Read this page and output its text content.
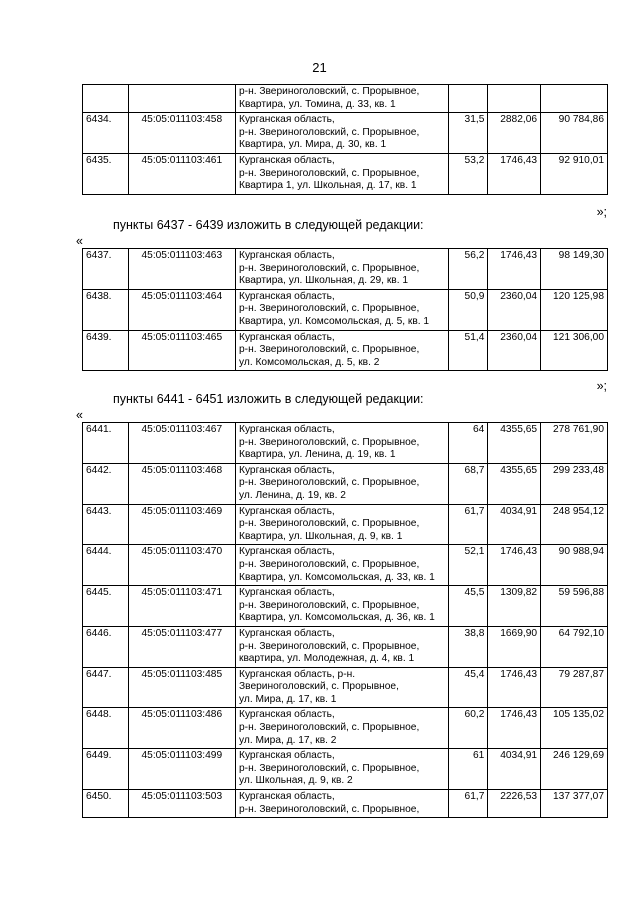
21

		р-н. Звериноголовский, с. Прорывное,
Квартира, ул. Томина, д. 33, кв. 1			

6434.	45:05:011103:458	Курганская область,
р-н. Звериноголовский, с. Прорывное,
Квартира, ул. Мира, д. 30, кв. 1	31,5	2882,06	90 784,86
6435.	45:05:011103:461	Курганская область,
р-н. Звериноголовский, с. Прорывное,
Квартира 1, ул. Школьная, д. 17, кв. 1	53,2	1746,43	92 910,01
»;
пункты 6437 - 6439 изложить в следующей редакции:
«
6437.	45:05:011103:463	Курганская область,
р-н. Звериноголовский, с. Прорывное,
Квартира, ул. Школьная, д. 29, кв. 1	56,2	1746,43	98 149,30
6438.	45:05:011103:464	Курганская область,
р-н. Звериноголовский, с. Прорывное,
Квартира, ул. Комсомольская, д. 5, кв. 1	50,9	2360,04	120 125,98
6439.	45:05:011103:465	Курганская область,
р-н. Звериноголовский, с. Прорывное,
ул. Комсомольская, д. 5, кв. 2	51,4	2360,04	121 306,00
»;
пункты 6441 - 6451 изложить в следующей редакции:
«
6441.	45:05:011103:467	Курганская область,
р-н. Звериноголовский, с. Прорывное,
Квартира, ул. Ленина, д. 19, кв. 1	64	4355,65	278 761,90
6442.	45:05:011103:468	Курганская область,
р-н. Звериноголовский, с. Прорывное,
ул. Ленина, д. 19, кв. 2	68,7	4355,65	299 233,48
6443.	45:05:011103:469	Курганская область,
р-н. Звериноголовский, с. Прорывное,
Квартира, ул. Школьная, д. 9, кв. 1	61,7	4034,91	248 954,12
6444.	45:05:011103:470	Курганская область,
р-н. Звериноголовский, с. Прорывное,
Квартира, ул. Комсомольская, д. 33, кв. 1	52,1	1746,43	90 988,94
6445.	45:05:011103:471	Курганская область,
р-н. Звериноголовский, с. Прорывное,
Квартира, ул. Комсомольская, д. 36, кв. 1	45,5	1309,82	59 596,88
6446.	45:05:011103:477	Курганская область,
р-н. Звериноголовский, с. Прорывное,
квартира, ул. Молодежная, д. 4, кв. 1	38,8	1669,90	64 792,10
6447.	45:05:011103:485	Курганская область, р-н.
Звериноголовский, с. Прорывное,
ул. Мира, д. 17, кв. 1	45,4	1746,43	79 287,87
6448.	45:05:011103:486	Курганская область,
р-н. Звериноголовский, с. Прорывное,
ул. Мира, д. 17, кв. 2	60,2	1746,43	105 135,02
6449.	45:05:011103:499	Курганская область,
р-н. Звериноголовский, с. Прорывное,
ул. Школьная, д. 9, кв. 2	61	4034,91	246 129,69
6450.	45:05:011103:503	Курганская область,
р-н. Звериноголовский, с. Прорывное,	61,7	2226,53	137 377,07
